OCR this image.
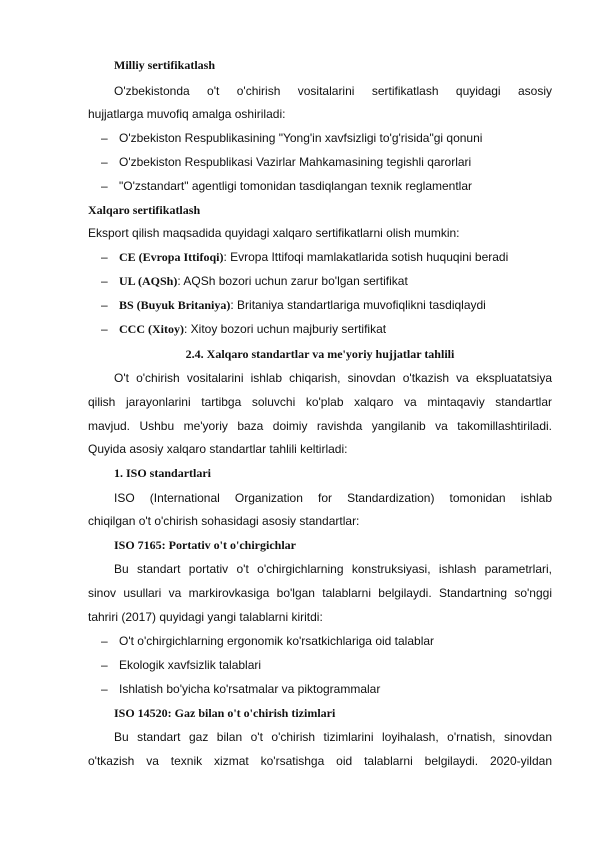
Milliy sertifikatlash
O'zbekistonda o't o'chirish vositalarini sertifikatlash quyidagi asosiy
hujjatlarga muvofiq amalga oshiriladi:
– O'zbekiston Respublikasining "Yong'in xavfsizligi to'g'risida"gi qonuni
– O'zbekiston Respublikasi Vazirlar Mahkamasining tegishli qarorlari
– "O'zstandart" agentligi tomonidan tasdiqlangan texnik reglamentlar
Xalqaro sertifikatlash
Eksport qilish maqsadida quyidagi xalqaro sertifikatlarni olish mumkin:
– CE (Evropa Ittifoqi): Evropa Ittifoqi mamlakatlarida sotish huquqini beradi
– UL (AQSh): AQSh bozori uchun zarur bo'lgan sertifikat
– BS (Buyuk Britaniya): Britaniya standartlariga muvofiqlikni tasdiqlaydi
– CCC (Xitoy): Xitoy bozori uchun majburiy sertifikat
2.4. Xalqaro standartlar va me'yoriy hujjatlar tahlili
O't o'chirish vositalarini ishlab chiqarish, sinovdan o'tkazish va ekspluatatsiya
qilish jarayonlarini tartibga soluvchi ko'plab xalqaro va mintaqaviy standartlar
mavjud. Ushbu me'yoriy baza doimiy ravishda yangilanib va takomillashtiriladi.
Quyida asosiy xalqaro standartlar tahlili keltirladi:
1. ISO standartlari
ISO (International Organization for Standardization) tomonidan ishlab
chiqilgan o't o'chirish sohasidagi asosiy standartlar:
ISO 7165: Portativ o't o'chirgichlar
Bu standart portativ o't o'chirgichlarning konstruksiyasi, ishlash parametrlari,
sinov usullari va markirovkasiga bo'lgan talablarni belgilaydi. Standartning so'nggi
tahriri (2017) quyidagi yangi talablarni kiritdi:
– O't o'chirgichlarning ergonomik ko'rsatkichlariga oid talablar
– Ekologik xavfsizlik talablari
– Ishlatish bo'yicha ko'rsatmalar va piktogrammalar
ISO 14520: Gaz bilan o't o'chirish tizimlari
Bu standart gaz bilan o't o'chirish tizimlarini loyihalash, o'rnatish, sinovdan
o'tkazish va texnik xizmat ko'rsatishga oid talablarni belgilaydi. 2020-yildan
